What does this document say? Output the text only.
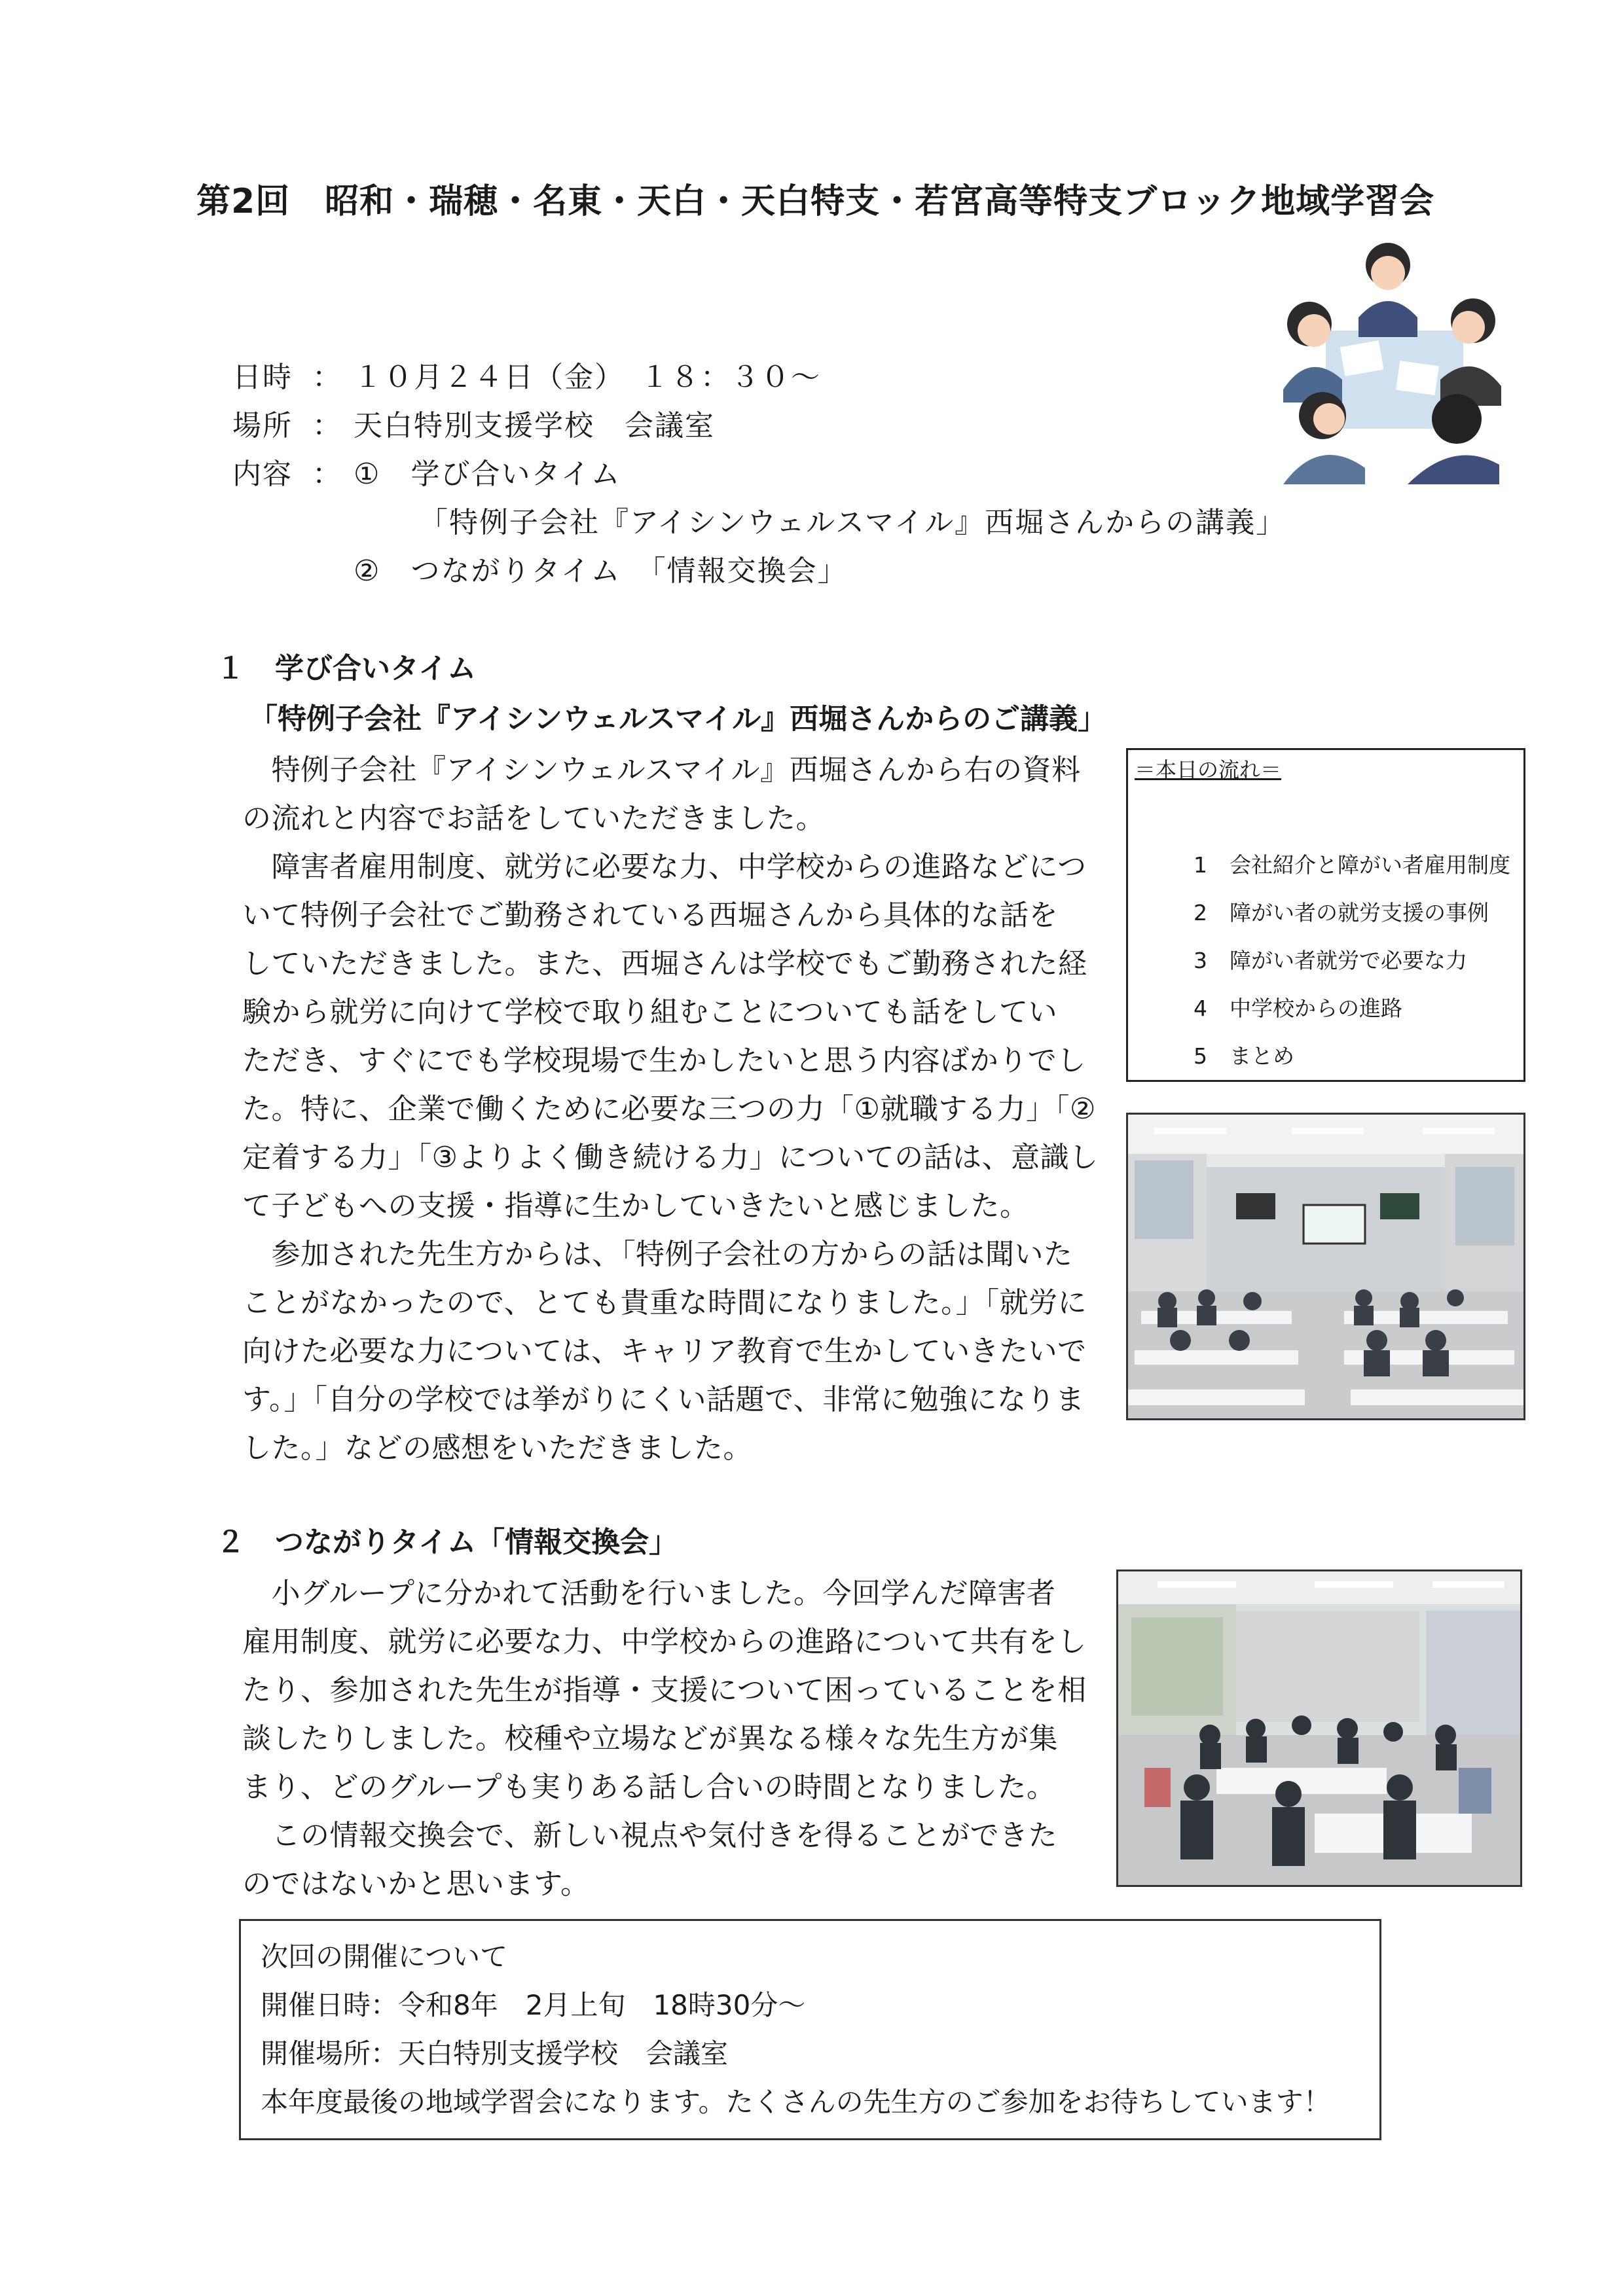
第2回　昭和・瑞穂・名東・天白・天白特支・若宮高等特支ブロック地域学習会
日時 ： １０月２４日（金）　１８：３０～
場所 ： 天白特別支援学校　会議室
内容 ： ①　学び合いタイム
「特例子会社『アイシンウェルスマイル』西堀さんからの講義」
②　つながりタイム　「情報交換会」
１ 学び合いタイム
「特例子会社『アイシンウェルスマイル』西堀さんからのご講義」
　特例子会社『アイシンウェルスマイル』西堀さんから右の資料
の流れと内容でお話をしていただきました。
　障害者雇用制度、就労に必要な力、中学校からの進路などにつ
いて特例子会社でご勤務されている西堀さんから具体的な話を
していただきました。また、西堀さんは学校でもご勤務された経
験から就労に向けて学校で取り組むことについても話をしてい
ただき、すぐにでも学校現場で生かしたいと思う内容ばかりでし
た。特に、企業で働くために必要な三つの力「①就職する力」「②
定着する力」「③よりよく働き続ける力」についての話は、意識し
て子どもへの支援・指導に生かしていきたいと感じました。
　参加された先生方からは、「特例子会社の方からの話は聞いた
ことがなかったので、とても貴重な時間になりました。」「就労に
向けた必要な力については、キャリア教育で生かしていきたいで
す。」「自分の学校では挙がりにくい話題で、非常に勉強になりま
した。」などの感想をいただきました。
＝本日の流れ＝
1 会社紹介と障がい者雇用制度
2 障がい者の就労支援の事例
3 障がい者就労で必要な力
4 中学校からの進路
5 まとめ
２ つながりタイム「情報交換会」
　小グループに分かれて活動を行いました。今回学んだ障害者
雇用制度、就労に必要な力、中学校からの進路について共有をし
たり、参加された先生が指導・支援について困っていることを相
談したりしました。校種や立場などが異なる様々な先生方が集
まり、どのグループも実りある話し合いの時間となりました。
　この情報交換会で、新しい視点や気付きを得ることができた
のではないかと思います。
次回の開催について
開催日時：令和8年　2月上旬　18時30分～
開催場所：天白特別支援学校　会議室
本年度最後の地域学習会になります。たくさんの先生方のご参加をお待ちしています！
